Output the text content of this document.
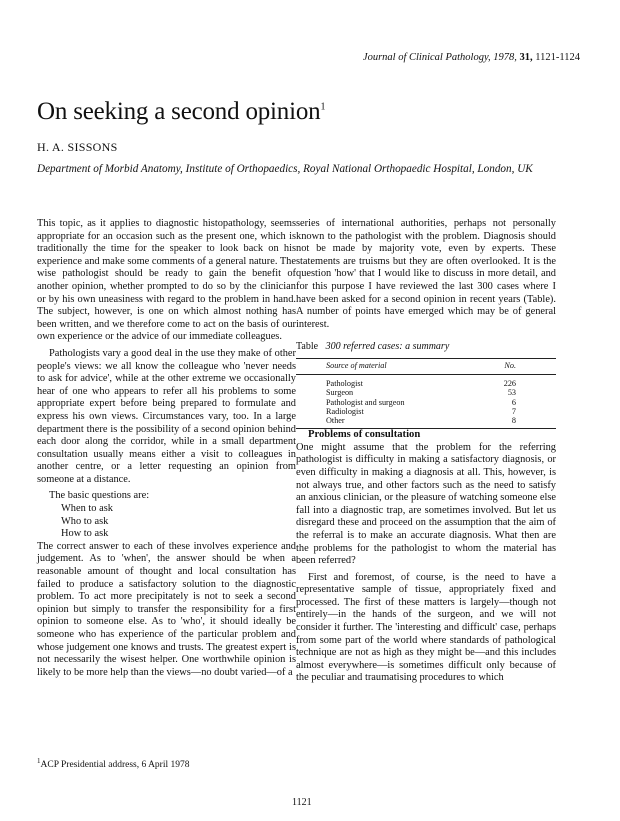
Journal of Clinical Pathology, 1978, 31, 1121-1124
On seeking a second opinion$^1$
H. A. SISSONS
Department of Morbid Anatomy, Institute of Orthopaedics, Royal National Orthopaedic Hospital, London, UK

This topic, as it applies to diagnostic histopathology, seems appropriate for an occasion such as the present one, which is traditionally the time for the speaker to look back on his experience and make some comments of a general nature. The wise pathologist should be ready to gain the benefit of another opinion, whether prompted to do so by the clinician or by his own uneasiness with regard to the problem in hand. The subject, however, is one on which almost nothing has been written, and we therefore come to act on the basis of our own experience or the advice of our immediate colleagues.

Pathologists vary a good deal in the use they make of other people's views: we all know the colleague who 'never needs to ask for advice', while at the other extreme we occasionally hear of one who appears to refer all his problems to some appropriate expert before being prepared to formulate and express his own views. Circumstances vary, too. In a large department there is the possibility of a second opinion behind each door along the corridor, while in a small department consultation usually means either a visit to colleagues in another centre, or a letter requesting an opinion from someone at a distance.

The basic questions are:

When to ask
Who to ask
How to ask

The correct answer to each of these involves experience and judgement. As to 'when', the answer should be when a reasonable amount of thought and local consultation has failed to produce a satisfactory solution to the diagnostic problem. To act more precipitately is not to seek a second opinion but simply to transfer the responsibility for a first opinion to someone else. As to 'who', it should ideally be someone who has experience of the particular problem and whose judgement one knows and trusts. The greatest expert is not necessarily the wisest helper. One worthwhile opinion is likely to be more help than the views—no doubt varied—of a

series of international authorities, perhaps not personally known to the pathologist with the problem. Diagnosis should not be made by majority vote, even by experts. These statements are truisms but they are often overlooked. It is the question 'how' that I would like to discuss in more detail, and for this purpose I have reviewed the last 300 cases where I have been asked for a second opinion in recent years (Table). A number of points have emerged which may be of general interest.

Table 300 referred cases: a summary
Source of material	No.
Pathologist	226
Surgeon	53
Pathologist and surgeon	6
Radiologist	7
Other	8

Problems of consultation

One might assume that the problem for the referring pathologist is difficulty in making a satisfactory diagnosis, or even difficulty in making a diagnosis at all. This, however, is not always true, and other factors such as the need to satisfy an anxious clinician, or the pleasure of watching someone else fall into a diagnostic trap, are sometimes involved. But let us disregard these and proceed on the assumption that the aim of the referral is to make an accurate diagnosis. What then are the problems for the pathologist to whom the material has been referred?

First and foremost, of course, is the need to have a representative sample of tissue, appropriately fixed and processed. The first of these matters is largely—though not entirely—in the hands of the surgeon, and we will not consider it further. The 'interesting and difficult' case, perhaps from some part of the world where standards of pathological technique are not as high as they might be—and this includes almost everywhere—is sometimes difficult only because of the peculiar and traumatising procedures to which

$^1$ACP Presidential address, 6 April 1978
1121
